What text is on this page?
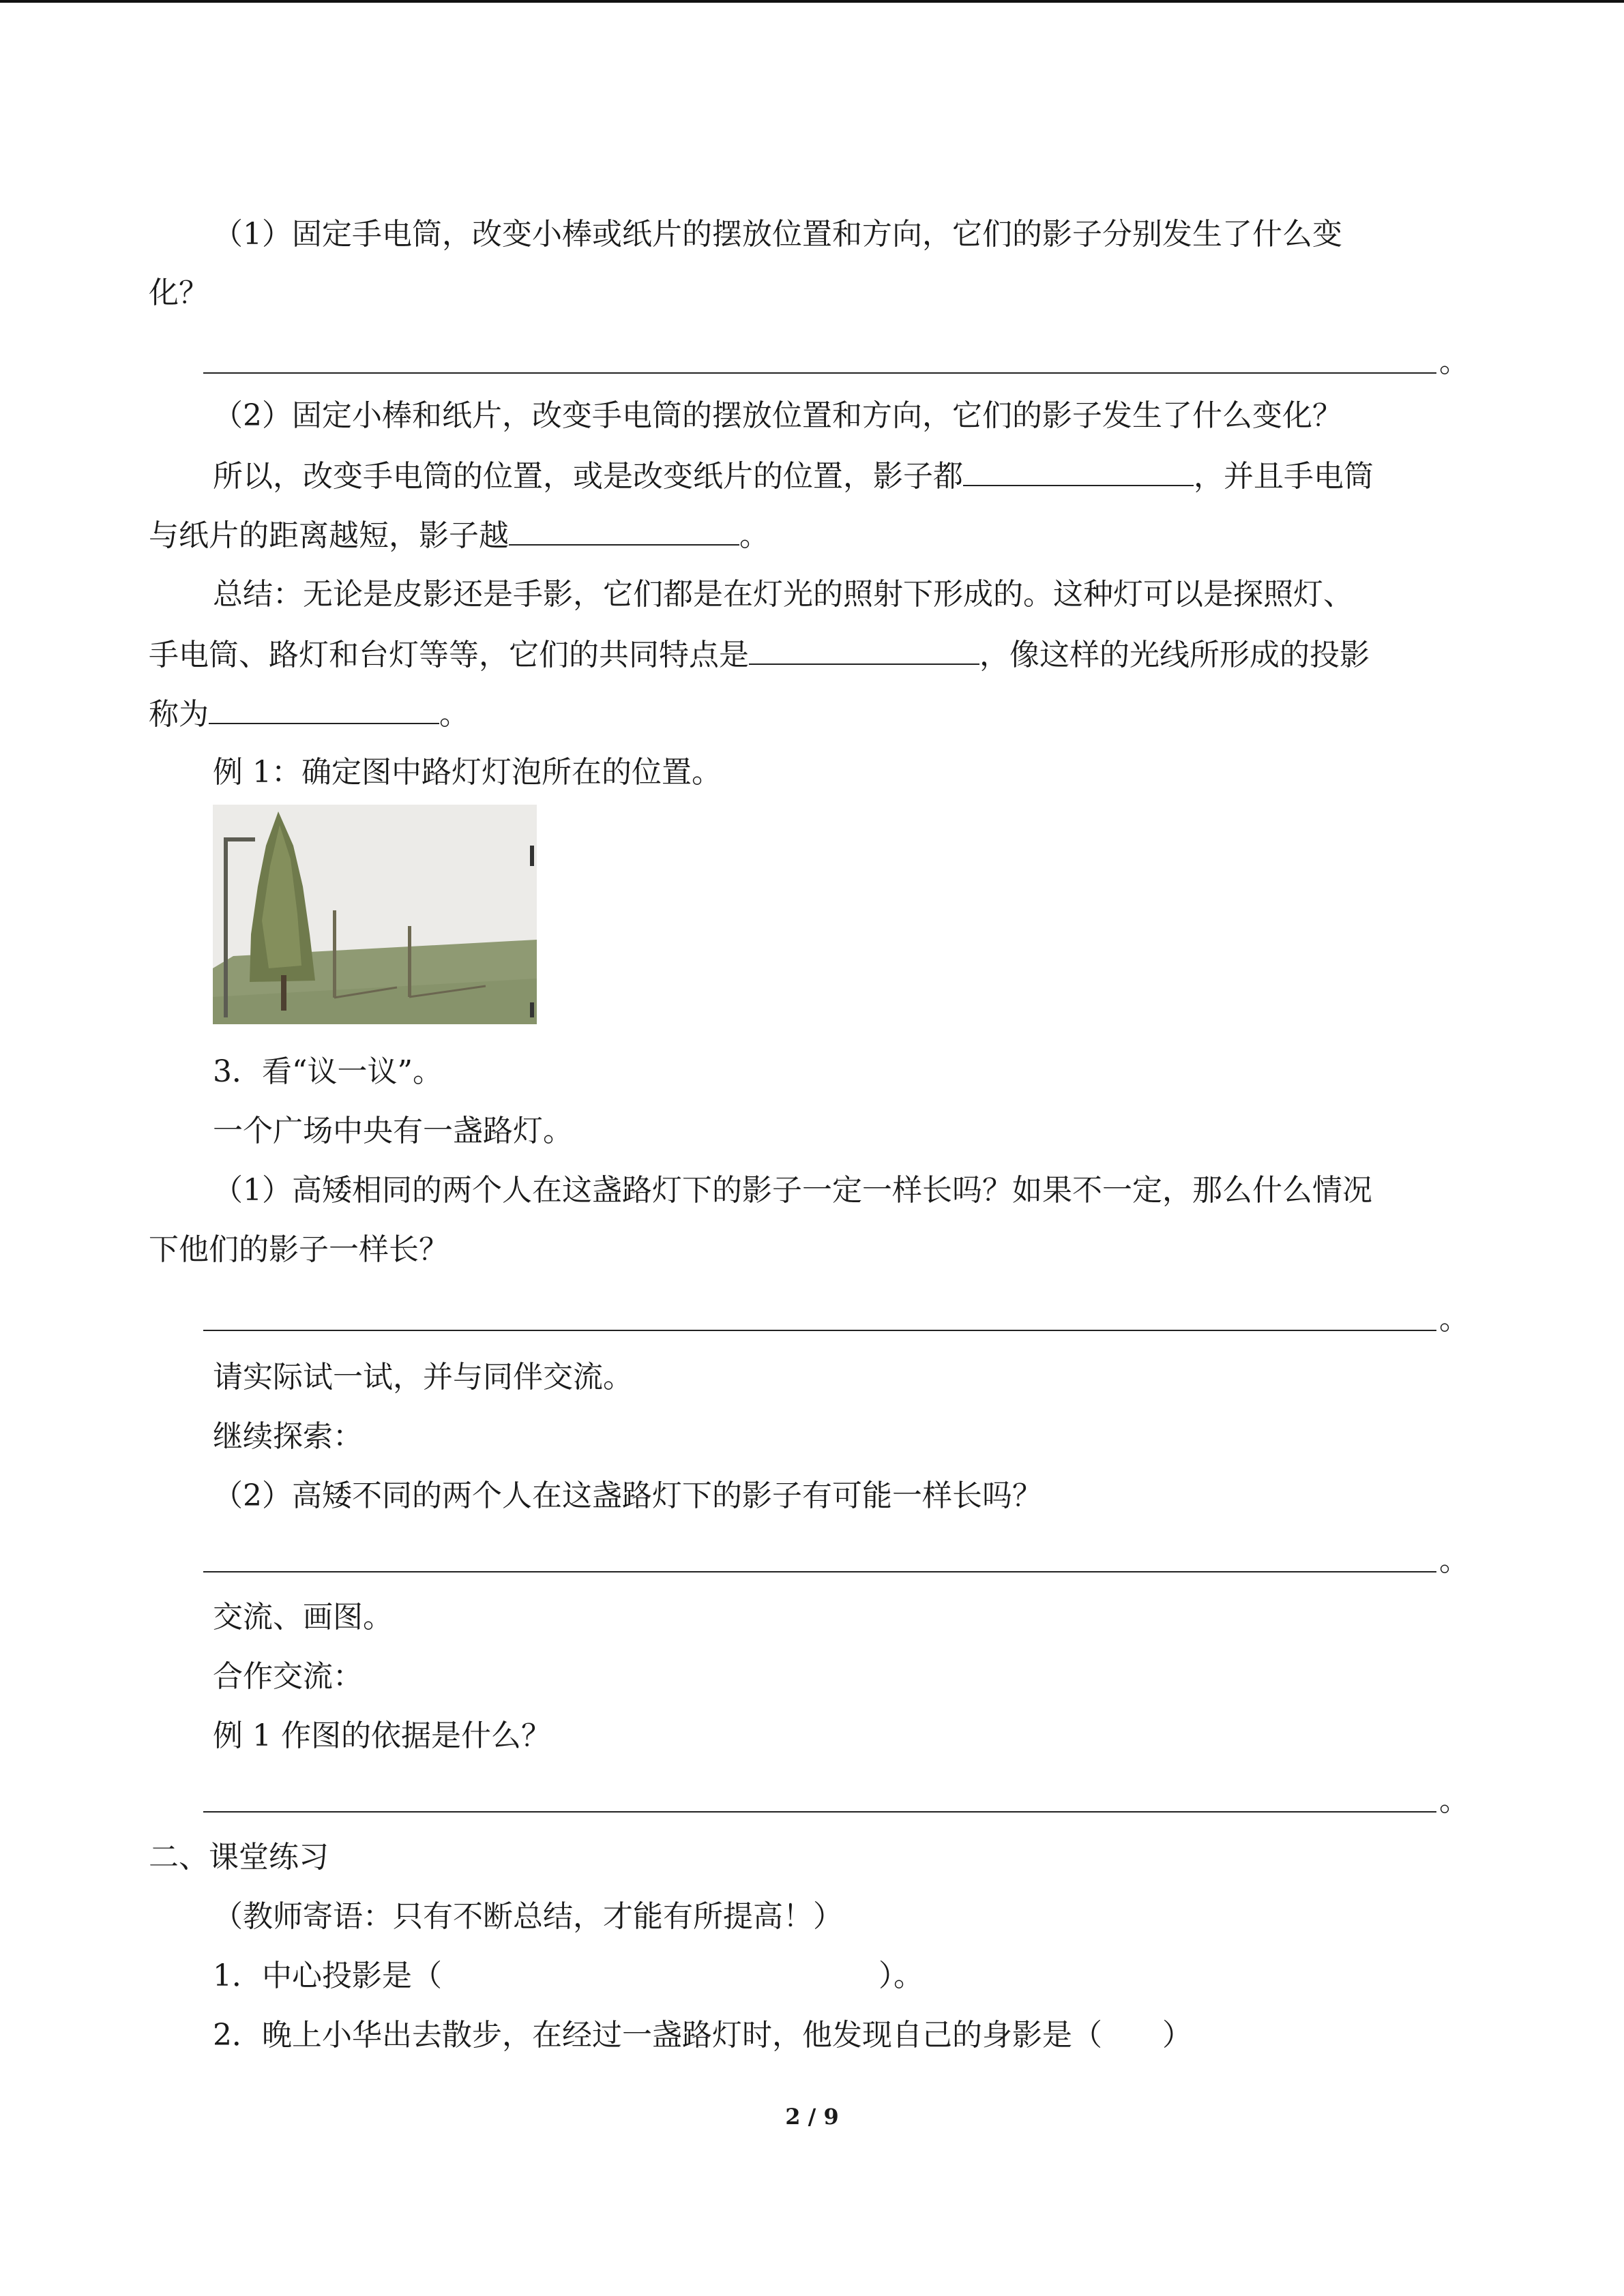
（1）固定手电筒，改变小棒或纸片的摆放位置和方向，它们的影子分别发生了什么变
化？
。
（2）固定小棒和纸片，改变手电筒的摆放位置和方向，它们的影子发生了什么变化？
所以，改变手电筒的位置，或是改变纸片的位置，影子都	，并且手电筒
与纸片的距离越短，影子越	。
总结：无论是皮影还是手影，它们都是在灯光的照射下形成的。这种灯可以是探照灯、
手电筒、路灯和台灯等等，它们的共同特点是	，像这样的光线所形成的投影
称为	。
例 1：确定图中路灯灯泡所在的位置。
3．看“议一议”。
一个广场中央有一盏路灯。
（1）高矮相同的两个人在这盏路灯下的影子一定一样长吗？如果不一定，那么什么情况
下他们的影子一样长？
。
请实际试一试，并与同伴交流。
继续探索：
（2）高矮不同的两个人在这盏路灯下的影子有可能一样长吗？
。
交流、画图。
合作交流：
例 1 作图的依据是什么？
。
二、课堂练习
（教师寄语：只有不断总结，才能有所提高！）
1．中心投影是（	）。
2．晚上小华出去散步，在经过一盏路灯时，他发现自己的身影是（　　）
2 / 9
